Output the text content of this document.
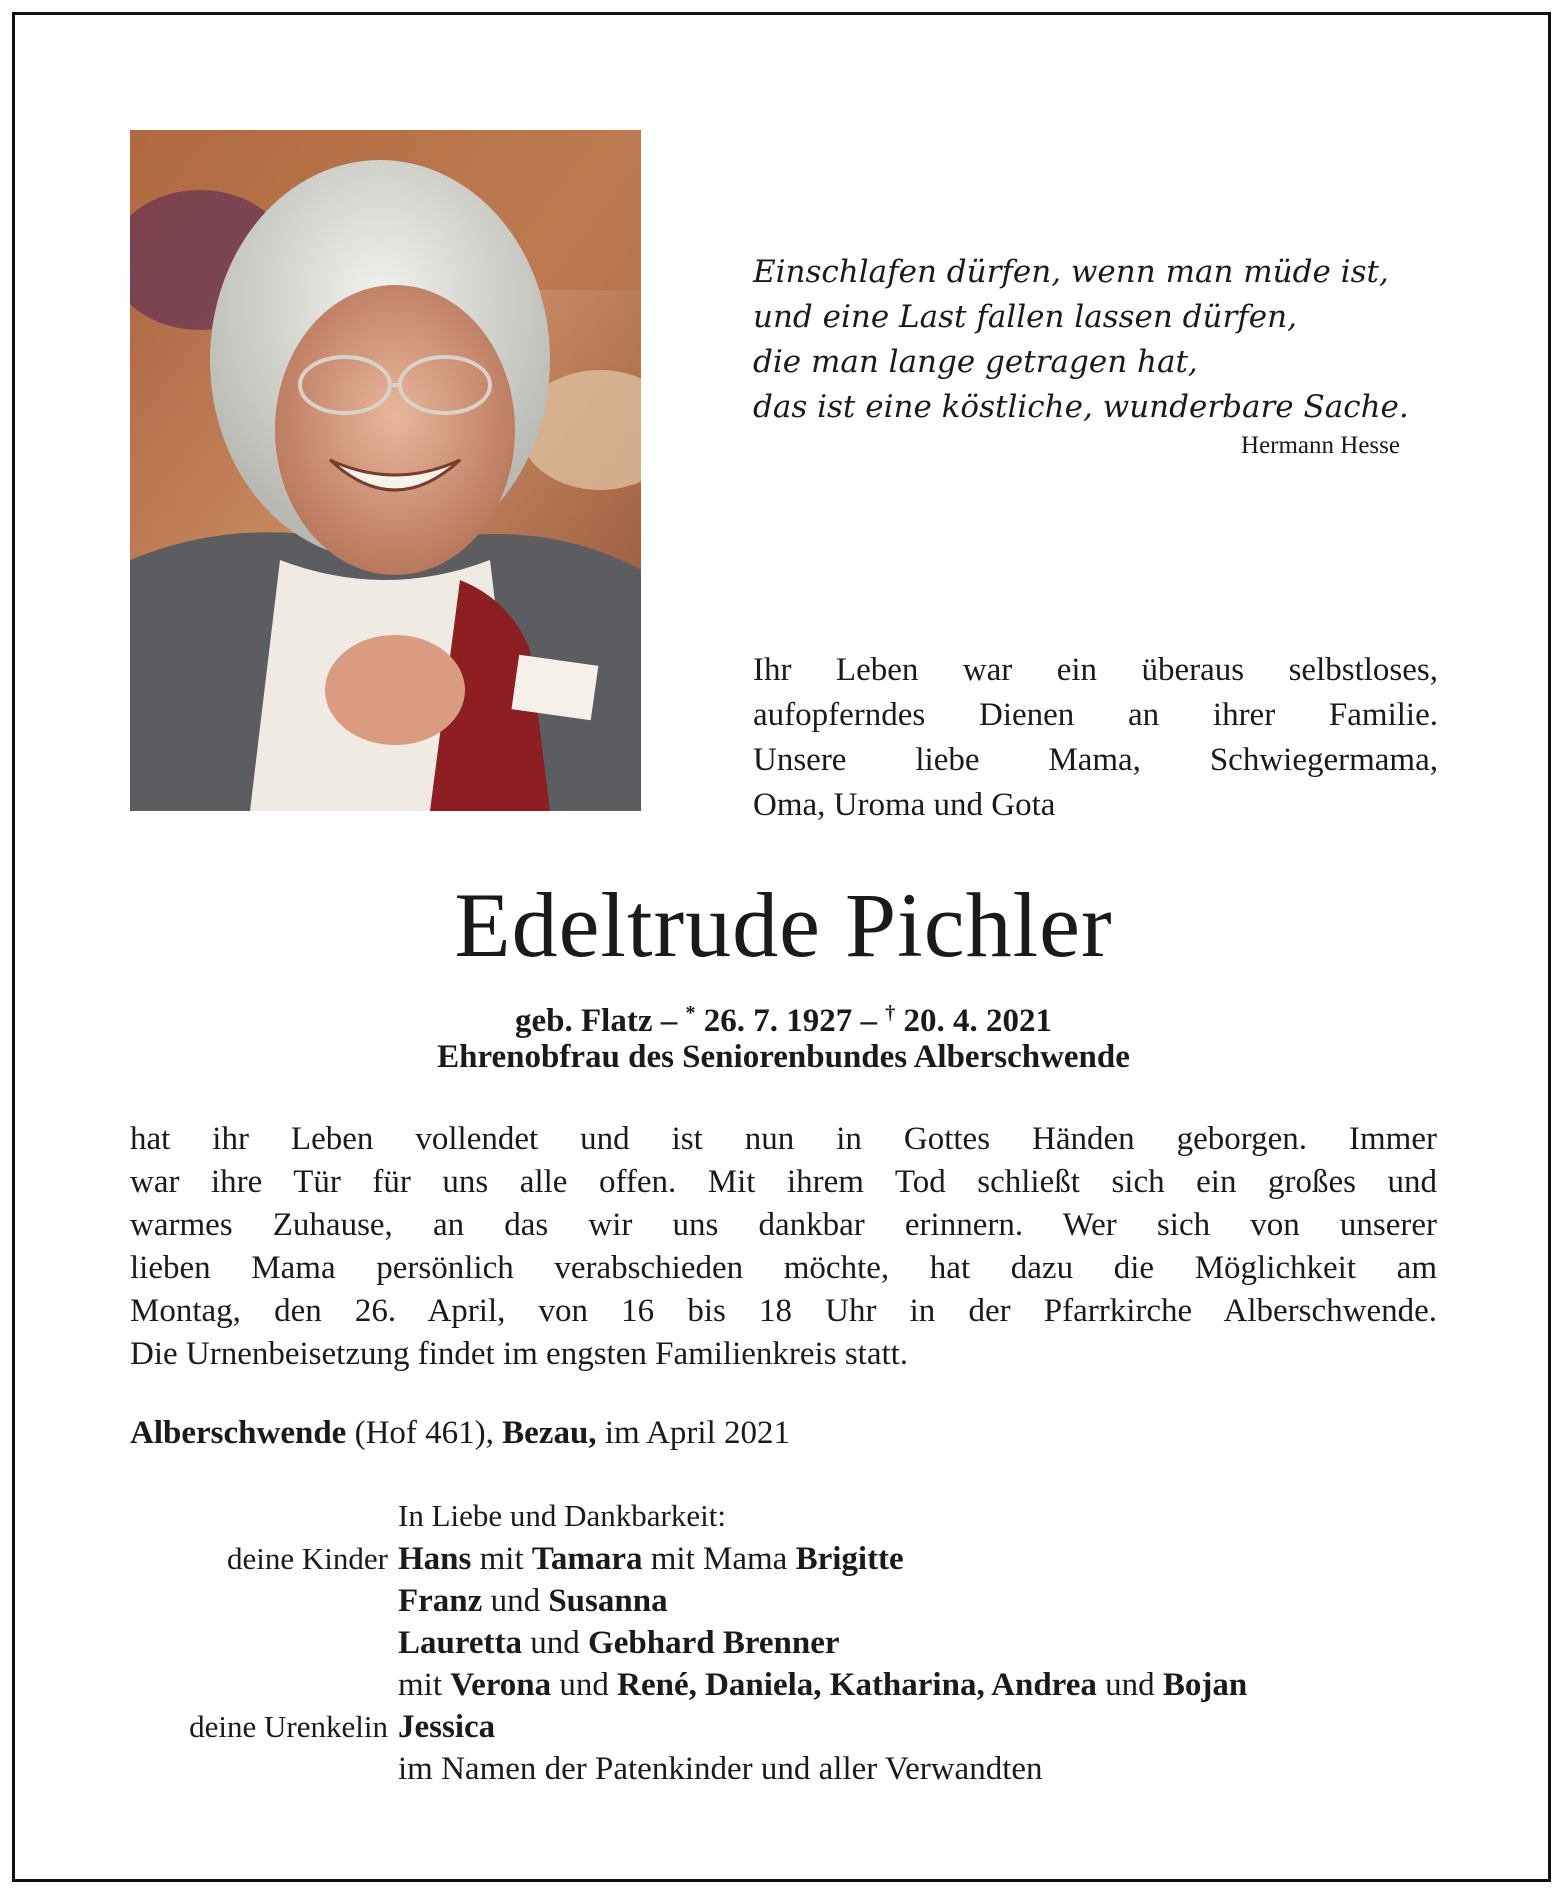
Einschlafen dürfen, wenn man müde ist,
und eine Last fallen lassen dürfen,
die man lange getragen hat,
das ist eine köstliche, wunderbare Sache.
Hermann Hesse
Ihr Leben war ein überaus selbstloses,
aufopferndes Dienen an ihrer Familie.
Unsere liebe Mama, Schwiegermama,
Oma, Uroma und Gota
Edeltrude Pichler
geb. Flatz – * 26. 7. 1927 – † 20. 4. 2021
Ehrenobfrau des Seniorenbundes Alberschwende
hat ihr Leben vollendet und ist nun in Gottes Händen geborgen. Immer
war ihre Tür für uns alle offen. Mit ihrem Tod schließt sich ein großes und
warmes Zuhause, an das wir uns dankbar erinnern. Wer sich von unserer
lieben Mama persönlich verabschieden möchte, hat dazu die Möglichkeit am
Montag, den 26. April, von 16 bis 18 Uhr in der Pfarrkirche Alberschwende.
Die Urnenbeisetzung findet im engsten Familienkreis statt.
Alberschwende (Hof 461), Bezau, im April 2021
In Liebe und Dankbarkeit:
deine Kinder Hans mit Tamara mit Mama Brigitte
Franz und Susanna
Lauretta und Gebhard Brenner
mit Verona und René, Daniela, Katharina, Andrea und Bojan
deine Urenkelin Jessica
im Namen der Patenkinder und aller Verwandten
